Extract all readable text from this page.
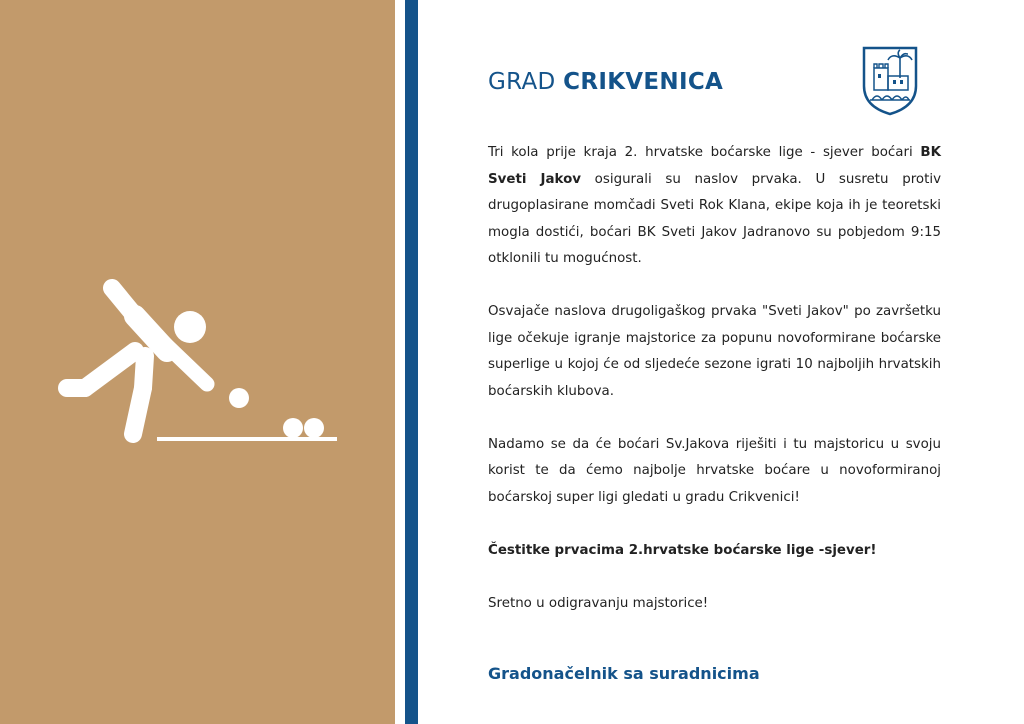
GRAD CRIKVENICA

Tri kola prije kraja 2. hrvatske boćarske lige - sjever boćari BK Sveti Jakov osigurali su naslov prvaka. U susretu protiv drugoplasirane momčadi Sveti Rok Klana, ekipe koja ih je teoretski mogla dostići, boćari BK Sveti Jakov Jadranovo su pobjedom 9:15 otklonili tu mogućnost.

Osvajače naslova drugoligaškog prvaka "Sveti Jakov" po završetku lige očekuje igranje majstorice za popunu novoformirane boćarske superlige u kojoj će od sljedeće sezone igrati 10 najboljih hrvatskih boćarskih klubova.

Nadamo se da će boćari Sv.Jakova riješiti i tu majstoricu u svoju korist te da ćemo najbolje hrvatske boćare u novoformiranoj boćarskoj super ligi gledati u gradu Crikvenici!

Čestitke prvacima 2.hrvatske boćarske lige -sjever!

Sretno u odigravanju majstorice!

Gradonačelnik sa suradnicima
